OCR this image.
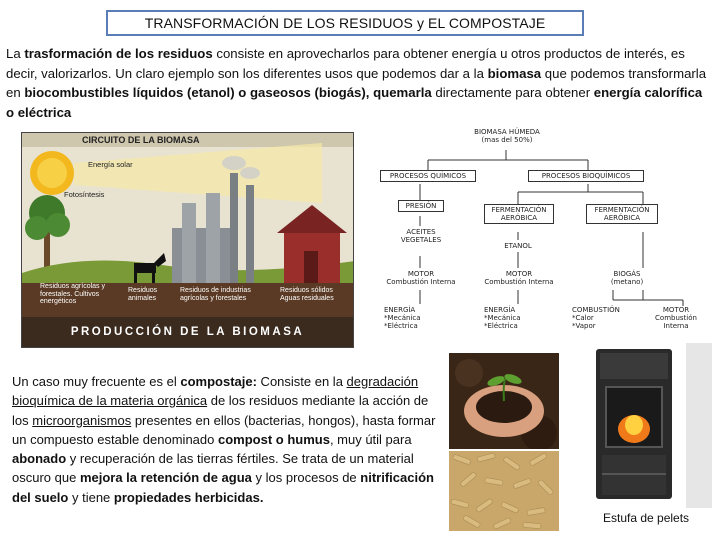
TRANSFORMACIÓN DE LOS RESIDUOS y EL COMPOSTAJE
La trasformación de los residuos consiste en aprovecharlos para obtener energía u otros productos de interés, es decir, valorizarlos. Un claro ejemplo son los diferentes usos que podemos dar a la biomasa que podemos transformarla en biocombustibles líquidos (etanol) o gaseosos (biogás), quemarla directamente para obtener energía calorífica o eléctrica
CIRCUITO DE LA BIOMASA
Energía solar
Fotosíntesis
Residuos agrícolas y forestales. Cultivos energéticos
Residuos animales
Residuos de industrias agrícolas y forestales
Residuos sólidos Aguas residuales
PRODUCCIÓN DE LA BIOMASA
BIOMASA HÚMEDA
(mas del 50%)
PROCESOS QUÍMICOS	PROCESOS BIOQUÍMICOS
PRESIÓN	FERMENTACIÓN
AERÓBICA
FERMENTACIÓN
AERÓBICA
ACEITES
VEGETALES
ETANOL
MOTOR
Combustión Interna
MOTOR
Combustión Interna
BIOGÁS
(metano)
ENERGÍA
*Mecánica
*Eléctrica
ENERGÍA
*Mecánica
*Eléctrica
COMBUSTIÓN
*Calor
*Vapor
MOTOR
Combustión
Interna
Un caso muy frecuente es el compostaje: Consiste en la degradación bioquímica de la materia orgánica de los residuos mediante la acción de los microorganismos presentes en ellos (bacterias, hongos), hasta formar un compuesto estable denominado compost o humus, muy útil para abonado y recuperación de las tierras fértiles. Se trata de un material oscuro que mejora la retención de agua y los procesos de nitrificación del suelo y tiene propiedades herbicidas.
Estufa de pelets
